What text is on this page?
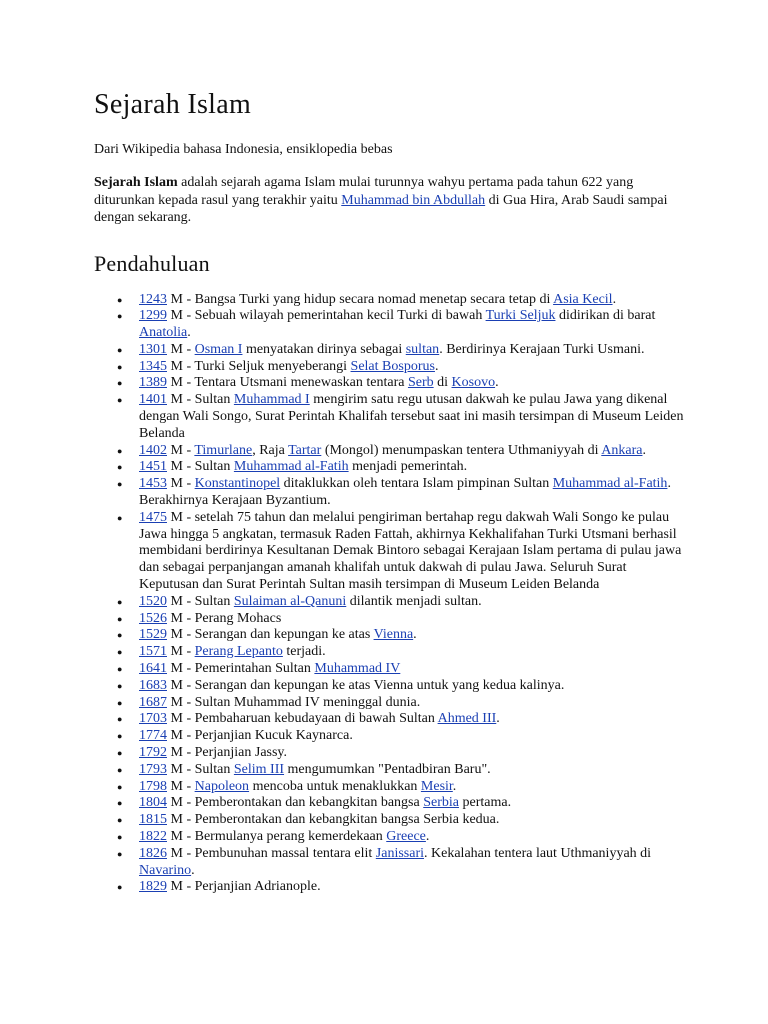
Sejarah Islam
Dari Wikipedia bahasa Indonesia, ensiklopedia bebas

Sejarah Islam adalah sejarah agama Islam mulai turunnya wahyu pertama pada tahun 622 yang diturunkan kepada rasul yang terakhir yaitu Muhammad bin Abdullah di Gua Hira, Arab Saudi sampai dengan sekarang.

Pendahuluan
● 1243 M - Bangsa Turki yang hidup secara nomad menetap secara tetap di Asia Kecil.
● 1299 M - Sebuah wilayah pemerintahan kecil Turki di bawah Turki Seljuk didirikan di barat Anatolia.
● 1301 M - Osman I menyatakan dirinya sebagai sultan. Berdirinya Kerajaan Turki Usmani.
● 1345 M - Turki Seljuk menyeberangi Selat Bosporus.
● 1389 M - Tentara Utsmani menewaskan tentara Serb di Kosovo.
● 1401 M - Sultan Muhammad I mengirim satu regu utusan dakwah ke pulau Jawa yang dikenal dengan Wali Songo, Surat Perintah Khalifah tersebut saat ini masih tersimpan di Museum Leiden Belanda
● 1402 M - Timurlane, Raja Tartar (Mongol) menumpaskan tentera Uthmaniyyah di Ankara.
● 1451 M - Sultan Muhammad al-Fatih menjadi pemerintah.
● 1453 M - Konstantinopel ditaklukkan oleh tentara Islam pimpinan Sultan Muhammad al-Fatih. Berakhirnya Kerajaan Byzantium.
● 1475 M - setelah 75 tahun dan melalui pengiriman bertahap regu dakwah Wali Songo ke pulau Jawa hingga 5 angkatan, termasuk Raden Fattah, akhirnya Kekhalifahan Turki Utsmani berhasil membidani berdirinya Kesultanan Demak Bintoro sebagai Kerajaan Islam pertama di pulau jawa dan sebagai perpanjangan amanah khalifah untuk dakwah di pulau Jawa. Seluruh Surat Keputusan dan Surat Perintah Sultan masih tersimpan di Museum Leiden Belanda
● 1520 M - Sultan Sulaiman al-Qanuni dilantik menjadi sultan.
● 1526 M - Perang Mohacs
● 1529 M - Serangan dan kepungan ke atas Vienna.
● 1571 M - Perang Lepanto terjadi.
● 1641 M - Pemerintahan Sultan Muhammad IV
● 1683 M - Serangan dan kepungan ke atas Vienna untuk yang kedua kalinya.
● 1687 M - Sultan Muhammad IV meninggal dunia.
● 1703 M - Pembaharuan kebudayaan di bawah Sultan Ahmed III.
● 1774 M - Perjanjian Kucuk Kaynarca.
● 1792 M - Perjanjian Jassy.
● 1793 M - Sultan Selim III mengumumkan "Pentadbiran Baru".
● 1798 M - Napoleon mencoba untuk menaklukkan Mesir.
● 1804 M - Pemberontakan dan kebangkitan bangsa Serbia pertama.
● 1815 M - Pemberontakan dan kebangkitan bangsa Serbia kedua.
● 1822 M - Bermulanya perang kemerdekaan Greece.
● 1826 M - Pembunuhan massal tentara elit Janissari. Kekalahan tentera laut Uthmaniyyah di Navarino.
● 1829 M - Perjanjian Adrianople.
